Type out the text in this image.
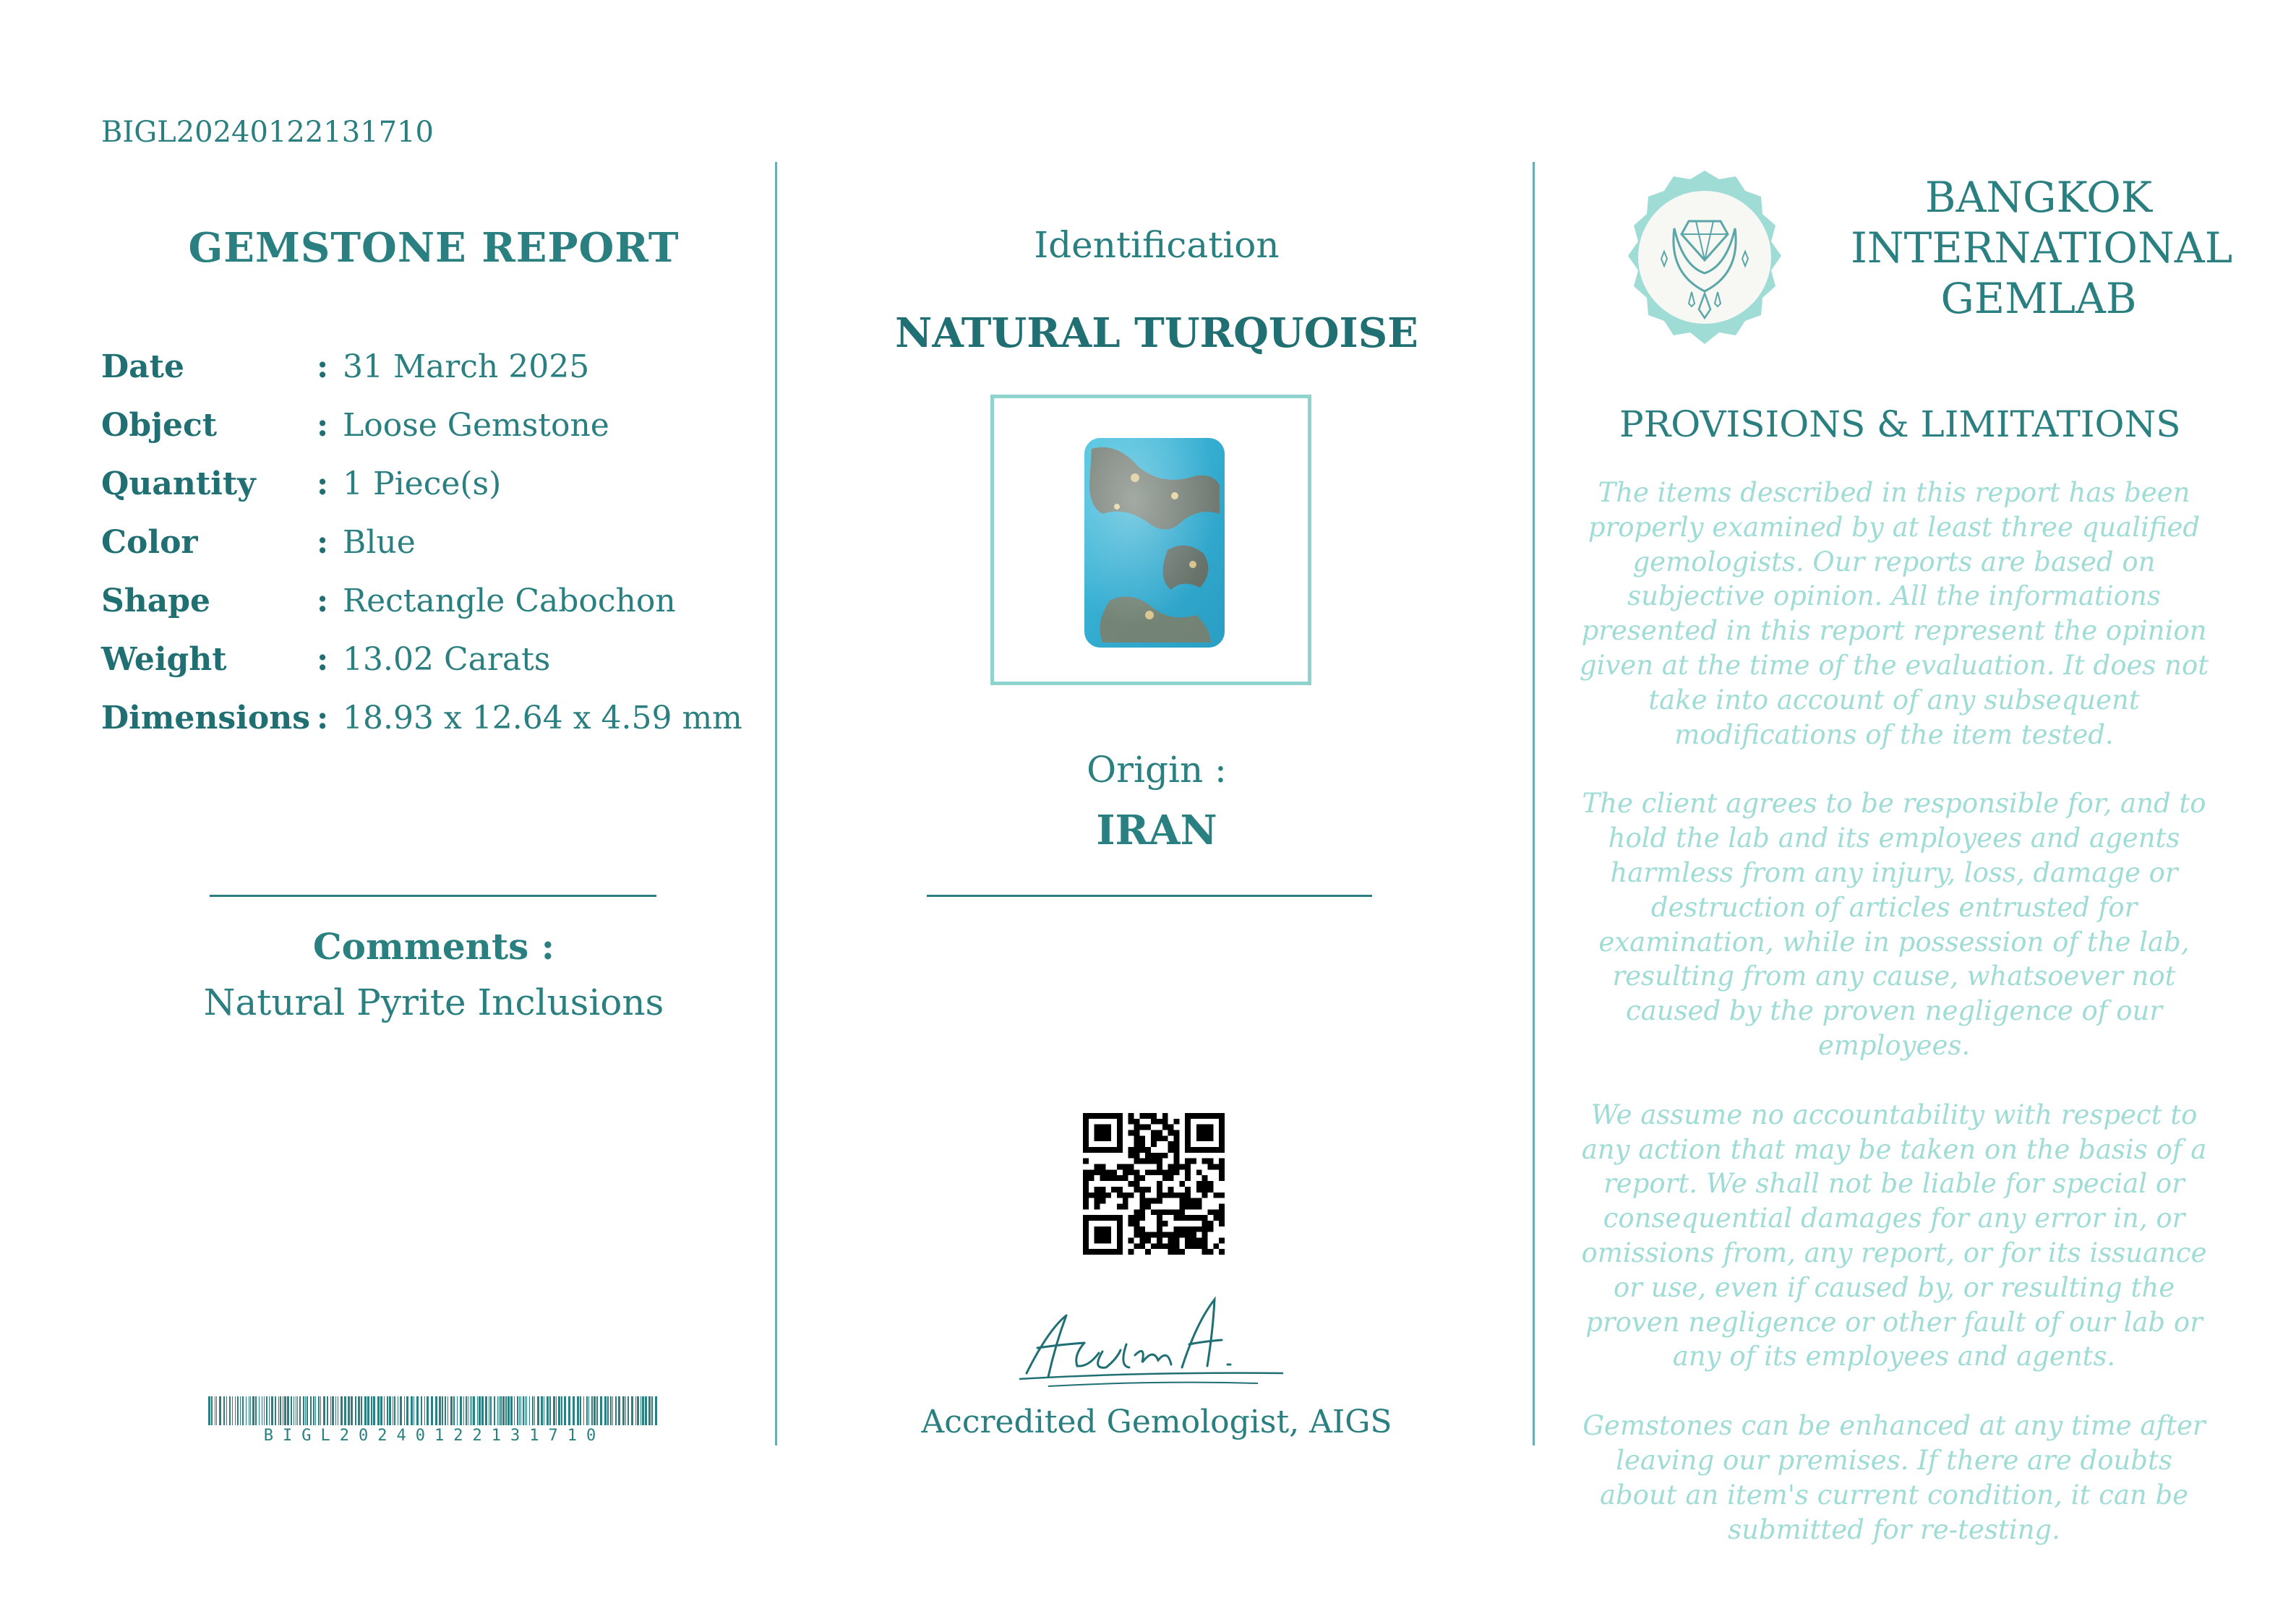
BIGL20240122131710
GEMSTONE REPORT
Date	: 31 March 2025
Object	: Loose Gemstone
Quantity : 1 Piece(s)
Color	: Blue
Shape	: Rectangle Cabochon
Weight	: 13.02 Carats
Dimensions : 18.93 x 12.64 x 4.59 mm
Comments :
Natural Pyrite Inclusions
BIGL20240122131710
Identification
NATURAL TURQUOISE
Origin :
IRAN
Accredited Gemologist, AIGS
BANGKOK
INTERNATIONAL
GEMLAB
PROVISIONS & LIMITATIONS

The items described in this report has been properly examined by at least three qualified gemologists. Our reports are based on subjective opinion. All the informations presented in this report represent the opinion given at the time of the evaluation. It does not take into account of any subsequent modifications of the item tested.

The client agrees to be responsible for, and to hold the lab and its employees and agents harmless from any injury, loss, damage or destruction of articles entrusted for examination, while in possession of the lab, resulting from any cause, whatsoever not caused by the proven negligence of our employees.

We assume no accountability with respect to any action that may be taken on the basis of a report. We shall not be liable for special or consequential damages for any error in, or omissions from, any report, or for its issuance or use, even if caused by, or resulting the proven negligence or other fault of our lab or any of its employees and agents.

Gemstones can be enhanced at any time after leaving our premises. If there are doubts about an item's current condition, it can be submitted for re-testing.
